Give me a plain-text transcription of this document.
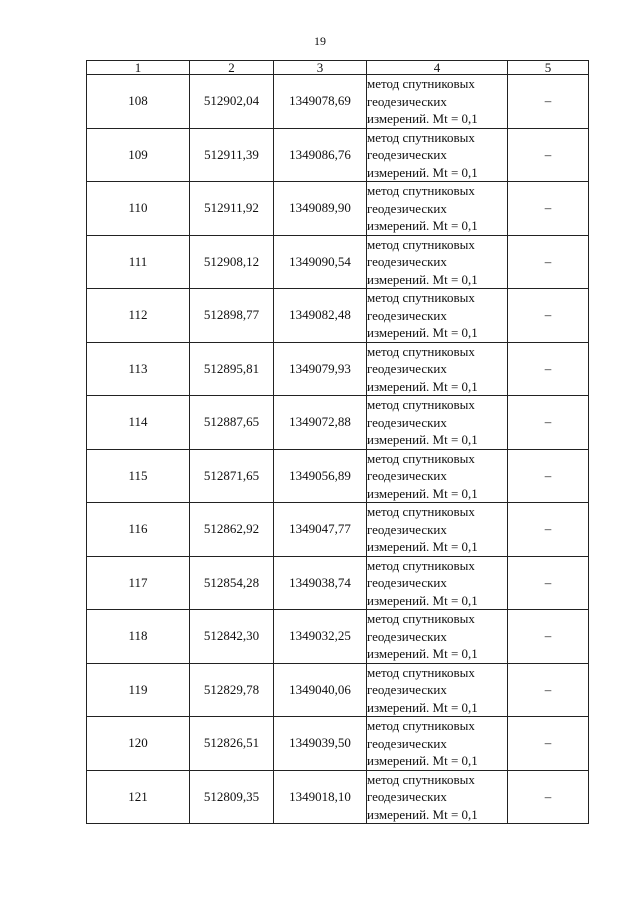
19
1	2	3	4	5
108	512902,04	1349078,69	метод спутниковых геодезических измерений. Mt = 0,1	–
109	512911,39	1349086,76	метод спутниковых геодезических измерений. Mt = 0,1	–
110	512911,92	1349089,90	метод спутниковых геодезических измерений. Mt = 0,1	–
111	512908,12	1349090,54	метод спутниковых геодезических измерений. Mt = 0,1	–
112	512898,77	1349082,48	метод спутниковых геодезических измерений. Mt = 0,1	–
113	512895,81	1349079,93	метод спутниковых геодезических измерений. Mt = 0,1	–
114	512887,65	1349072,88	метод спутниковых геодезических измерений. Mt = 0,1	–
115	512871,65	1349056,89	метод спутниковых геодезических измерений. Mt = 0,1	–
116	512862,92	1349047,77	метод спутниковых геодезических измерений. Mt = 0,1	–
117	512854,28	1349038,74	метод спутниковых геодезических измерений. Mt = 0,1	–
118	512842,30	1349032,25	метод спутниковых геодезических измерений. Mt = 0,1	–
119	512829,78	1349040,06	метод спутниковых геодезических измерений. Mt = 0,1	–
120	512826,51	1349039,50	метод спутниковых геодезических измерений. Mt = 0,1	–
121	512809,35	1349018,10	метод спутниковых геодезических измерений. Mt = 0,1	–
